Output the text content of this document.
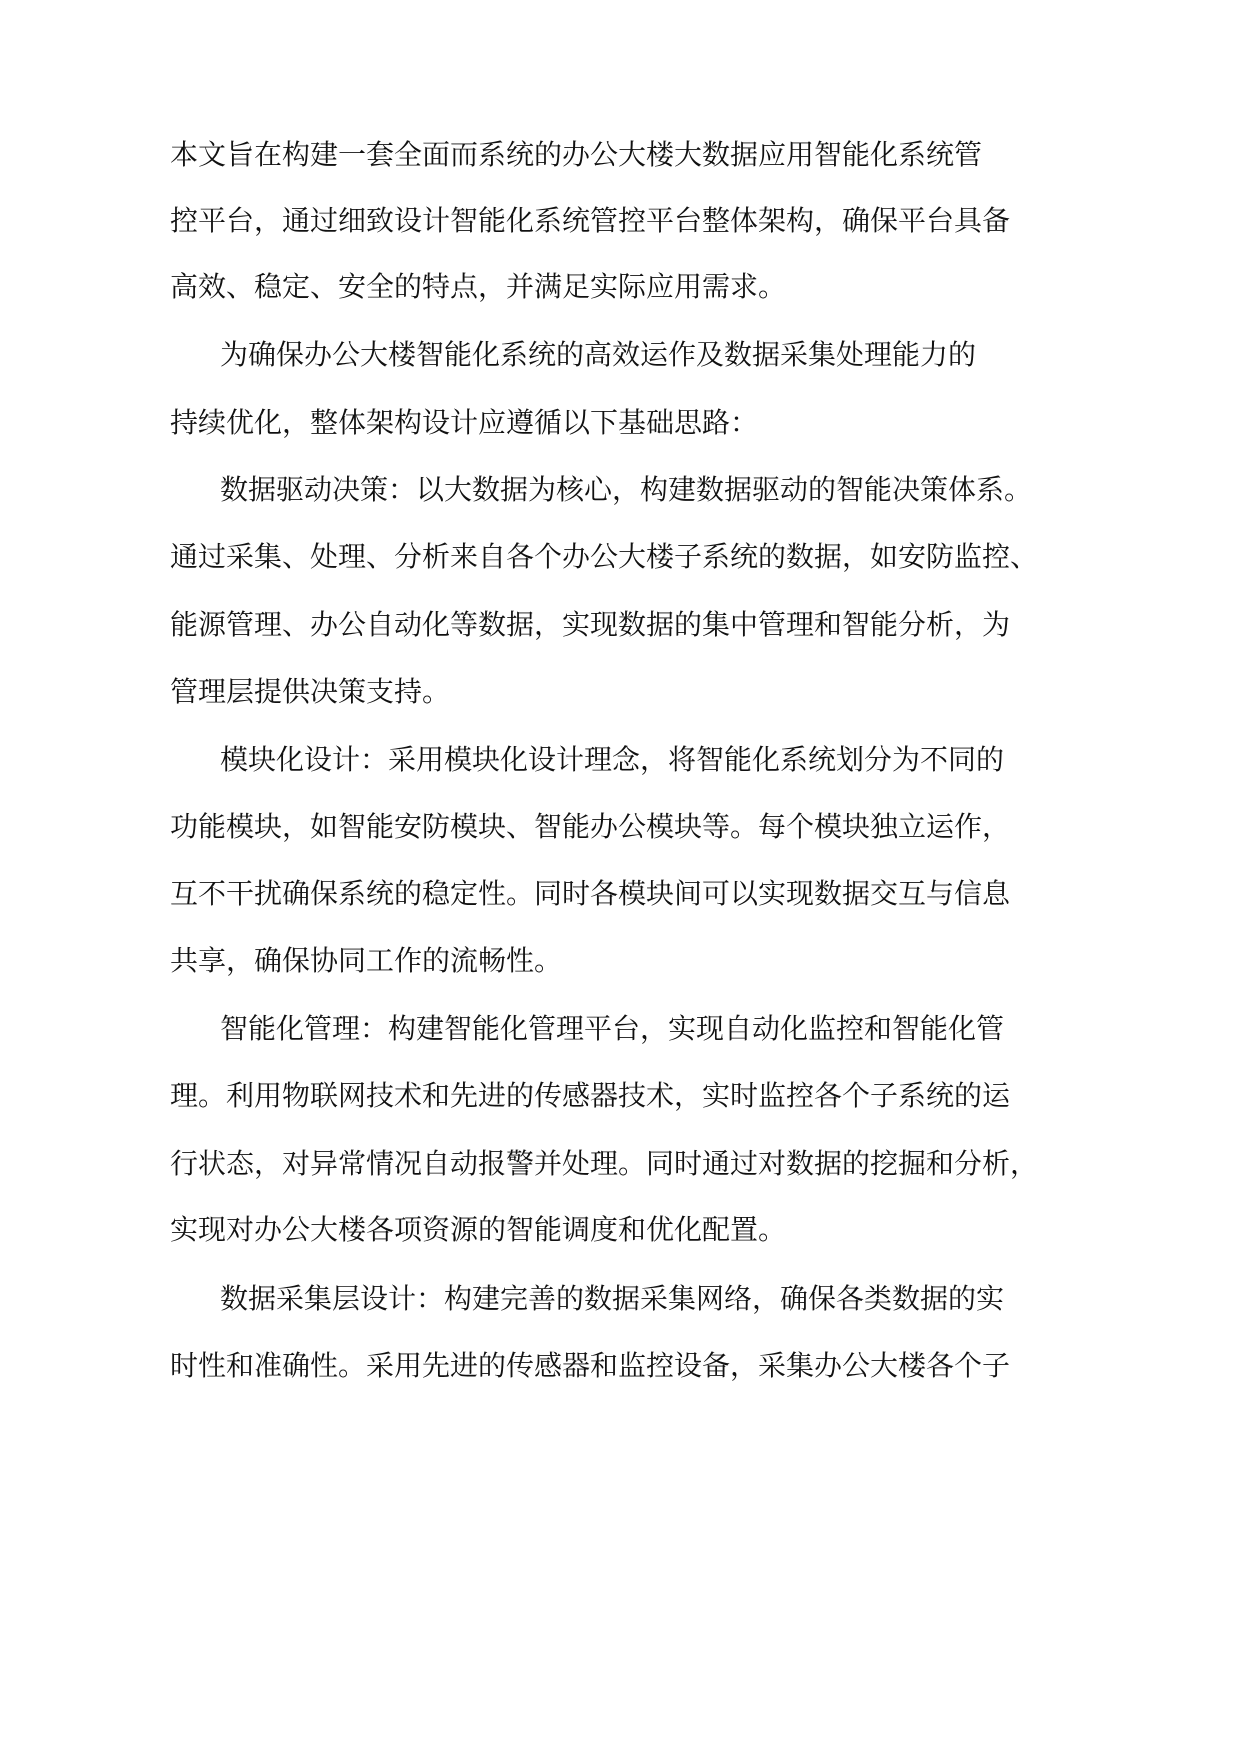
本文旨在构建一套全面而系统的办公大楼大数据应用智能化系统管
控平台，通过细致设计智能化系统管控平台整体架构，确保平台具备
高效、稳定、安全的特点，并满足实际应用需求。
为确保办公大楼智能化系统的高效运作及数据采集处理能力的
持续优化，整体架构设计应遵循以下基础思路：
数据驱动决策：以大数据为核心，构建数据驱动的智能决策体系。
通过采集、处理、分析来自各个办公大楼子系统的数据，如安防监控、
能源管理、办公自动化等数据，实现数据的集中管理和智能分析，为
管理层提供决策支持。
模块化设计：采用模块化设计理念，将智能化系统划分为不同的
功能模块，如智能安防模块、智能办公模块等。每个模块独立运作，
互不干扰确保系统的稳定性。同时各模块间可以实现数据交互与信息
共享，确保协同工作的流畅性。
智能化管理：构建智能化管理平台，实现自动化监控和智能化管
理。利用物联网技术和先进的传感器技术，实时监控各个子系统的运
行状态，对异常情况自动报警并处理。同时通过对数据的挖掘和分析，
实现对办公大楼各项资源的智能调度和优化配置。
数据采集层设计：构建完善的数据采集网络，确保各类数据的实
时性和准确性。采用先进的传感器和监控设备，采集办公大楼各个子
